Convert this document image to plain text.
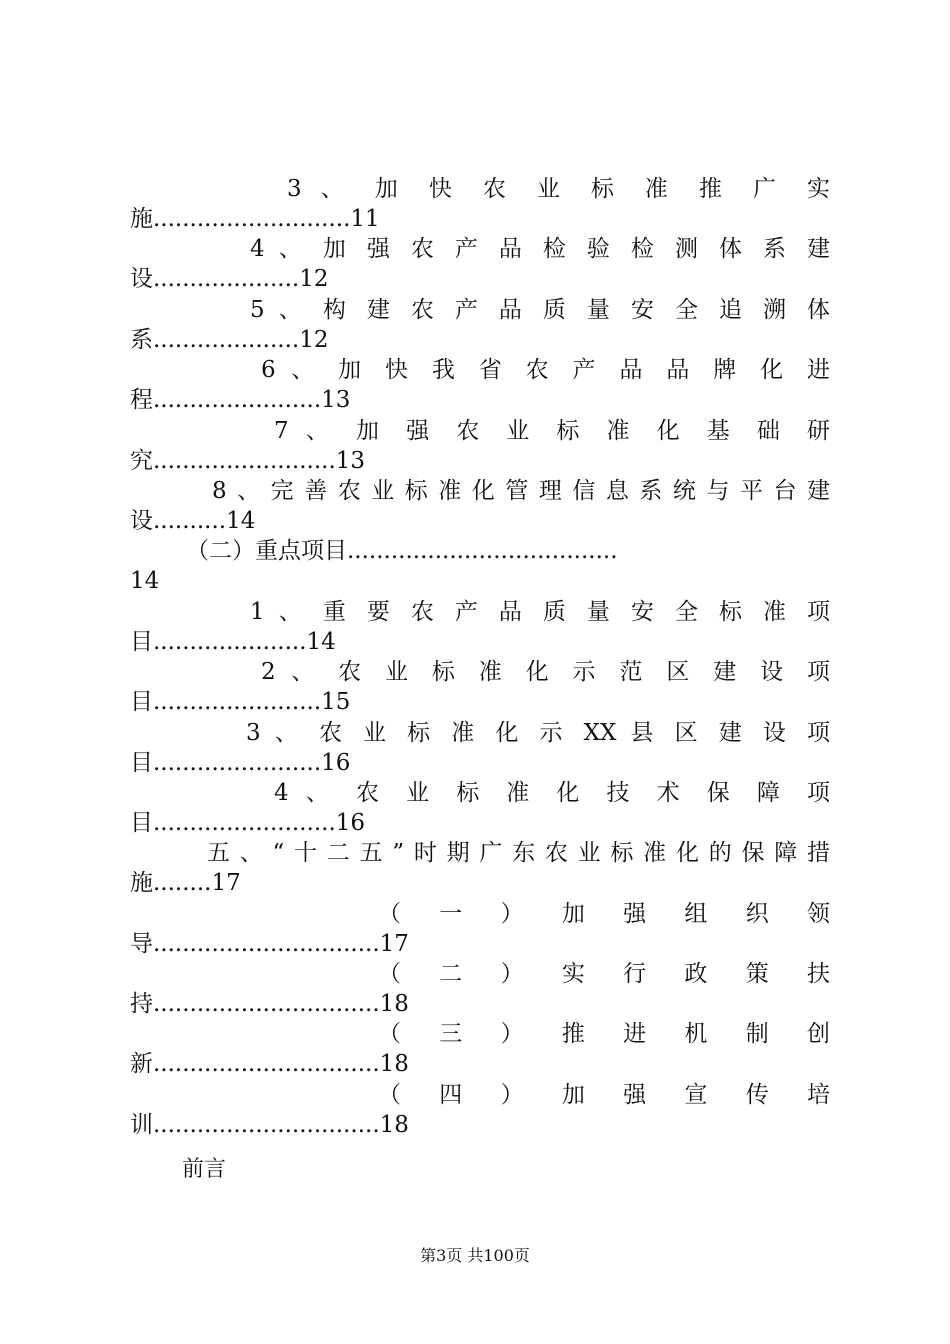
3 、 加 快 农 业 标 准 推 广 实
施...........................11
4 、 加 强 农 产 品 检 验 检 测 体 系 建
设....................12
5 、 构 建 农 产 品 质 量 安 全 追 溯 体
系....................12
6 、 加 快 我 省 农 产 品 品 牌 化 进
程.......................13
7 、 加 强 农 业 标 准 化 基 础 研
究.........................13
8、完善农业标准化管理信息系统与平台建
设..........14
（二）重点项目.....................................
14
1 、 重 要 农 产 品 质 量 安 全 标 准 项
目.....................14
2 、 农 业 标 准 化 示 范 区 建 设 项
目.......................15
3 、 农 业 标 准 化 示 XX 县 区 建 设 项
目.......................16
4 、 农 业 标 准 化 技 术 保 障 项
目.........................16
五、“十二五”时期广东农业标准化的保障措
施........17
（ 一 ） 加 强 组 织 领
导...............................17
（ 二 ） 实 行 政 策 扶
持...............................18
（ 三 ） 推 进 机 制 创
新...............................18
（ 四 ） 加 强 宣 传 培
训...............................18
前言
第3页 共100页
